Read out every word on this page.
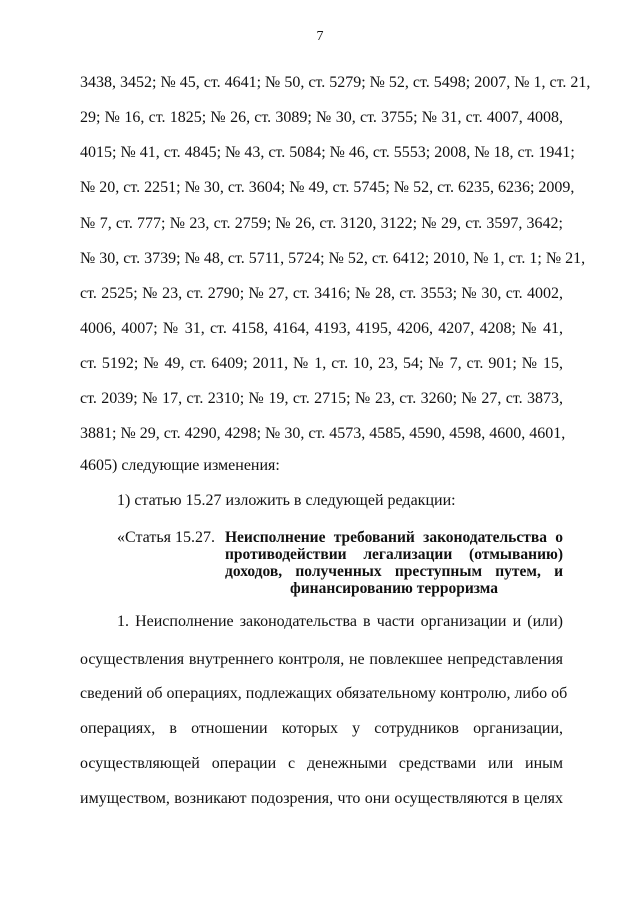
7
3438, 3452; № 45, ст. 4641; № 50, ст. 5279; № 52, ст. 5498; 2007, № 1, ст. 21,
29; № 16, ст. 1825; № 26, ст. 3089; № 30, ст. 3755; № 31, ст. 4007, 4008,
4015; № 41, ст. 4845; № 43, ст. 5084; № 46, ст. 5553; 2008, № 18, ст. 1941;
№ 20, ст. 2251; № 30, ст. 3604; № 49, ст. 5745; № 52, ст. 6235, 6236; 2009,
№ 7, ст. 777; № 23, ст. 2759; № 26, ст. 3120, 3122; № 29, ст. 3597, 3642;
№ 30, ст. 3739; № 48, ст. 5711, 5724; № 52, ст. 6412; 2010, № 1, ст. 1; № 21,
ст. 2525; № 23, ст. 2790; № 27, ст. 3416; № 28, ст. 3553; № 30, ст. 4002,
4006, 4007; № 31, ст. 4158, 4164, 4193, 4195, 4206, 4207, 4208; № 41,
ст. 5192; № 49, ст. 6409; 2011, № 1, ст. 10, 23, 54; № 7, ст. 901; № 15,
ст. 2039; № 17, ст. 2310; № 19, ст. 2715; № 23, ст. 3260; № 27, ст. 3873,
3881; № 29, ст. 4290, 4298; № 30, ст. 4573, 4585, 4590, 4598, 4600, 4601,
4605) следующие изменения:
1) статью 15.27 изложить в следующей редакции:
«Статья 15.27. Неисполнение требований законодательства о
противодействии легализации (отмыванию)
доходов, полученных преступным путем, и
финансированию терроризма
1. Неисполнение законодательства в части организации и (или)
осуществления внутреннего контроля, не повлекшее непредставления
сведений об операциях, подлежащих обязательному контролю, либо об
операциях, в отношении которых у сотрудников организации,
осуществляющей операции с денежными средствами или иным
имуществом, возникают подозрения, что они осуществляются в целях
